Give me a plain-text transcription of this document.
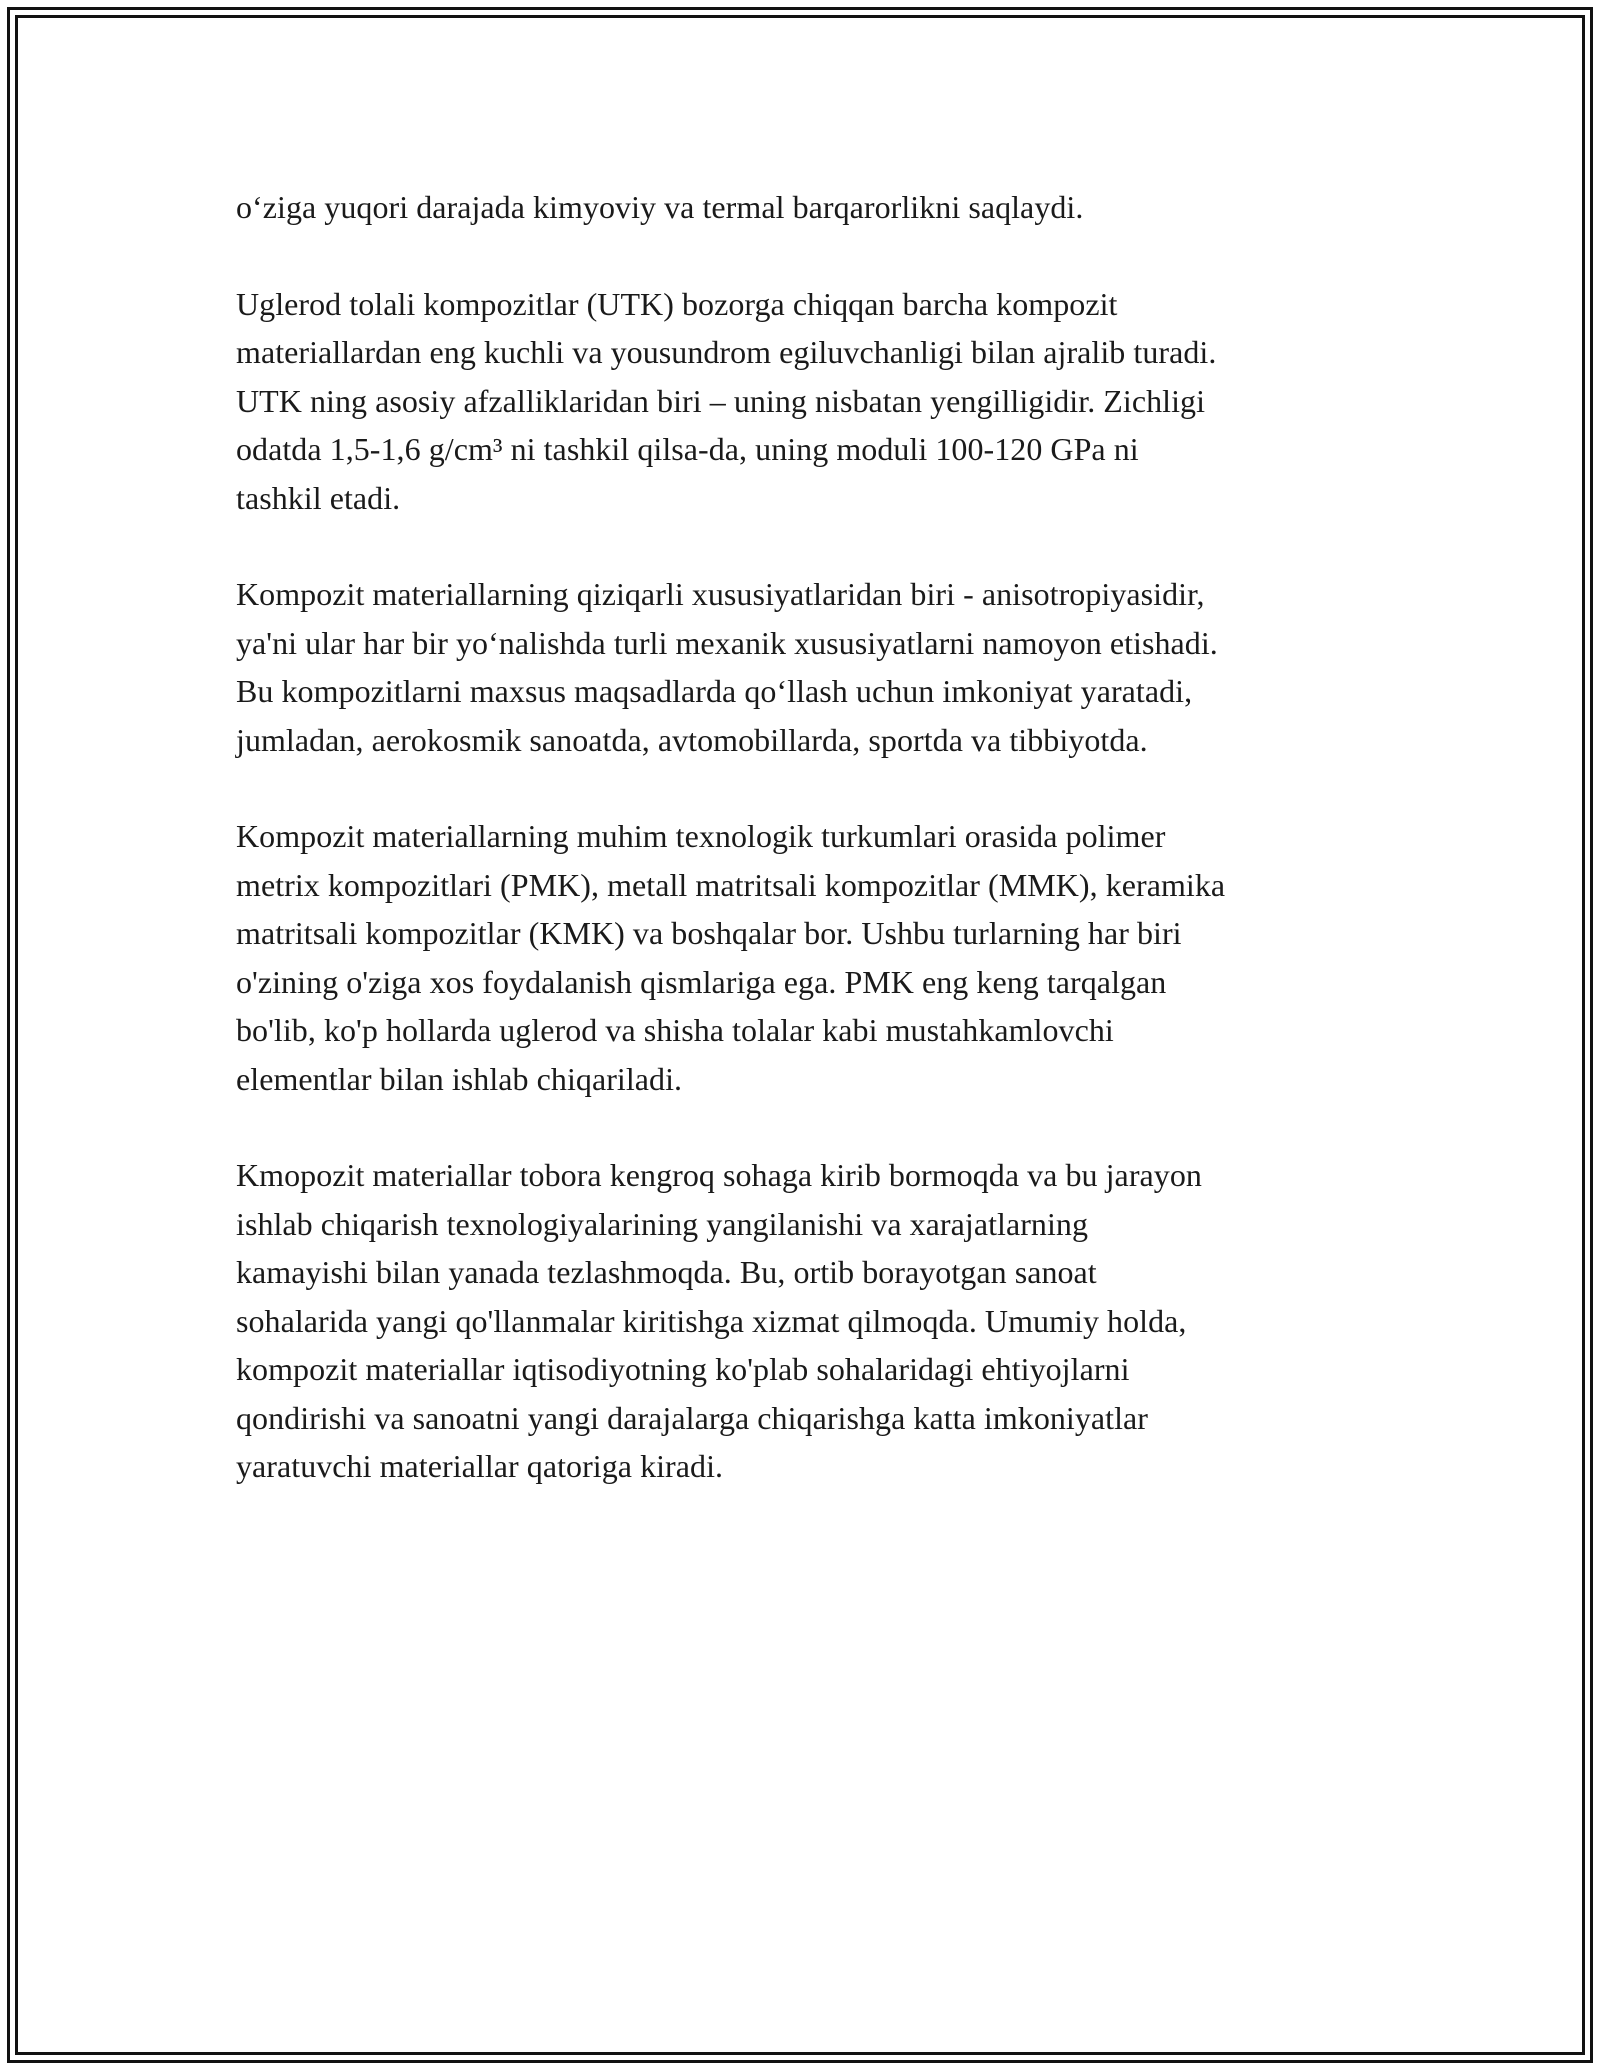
o‘ziga yuqori darajada kimyoviy va termal barqarorlikni saqlaydi.

Uglerod tolali kompozitlar (UTK) bozorga chiqqan barcha kompozit
materiallardan eng kuchli va yousundrom egiluvchanligi bilan ajralib turadi.
UTK ning asosiy afzalliklaridan biri – uning nisbatan yengilligidir. Zichligi
odatda 1,5-1,6 g/cm³ ni tashkil qilsa-da, uning moduli 100-120 GPa ni
tashkil etadi.

Kompozit materiallarning qiziqarli xususiyatlaridan biri - anisotropiyasidir,
ya'ni ular har bir yo‘nalishda turli mexanik xususiyatlarni namoyon etishadi.
Bu kompozitlarni maxsus maqsadlarda qo‘llash uchun imkoniyat yaratadi,
jumladan, aerokosmik sanoatda, avtomobillarda, sportda va tibbiyotda.

Kompozit materiallarning muhim texnologik turkumlari orasida polimer
metrix kompozitlari (PMK), metall matritsali kompozitlar (MMK), keramika
matritsali kompozitlar (KMK) va boshqalar bor. Ushbu turlarning har biri
o'zining o'ziga xos foydalanish qismlariga ega. PMK eng keng tarqalgan
bo'lib, ko'p hollarda uglerod va shisha tolalar kabi mustahkamlovchi
elementlar bilan ishlab chiqariladi.

Kmopozit materiallar tobora kengroq sohaga kirib bormoqda va bu jarayon
ishlab chiqarish texnologiyalarining yangilanishi va xarajatlarning
kamayishi bilan yanada tezlashmoqda. Bu, ortib borayotgan sanoat
sohalarida yangi qo'llanmalar kiritishga xizmat qilmoqda. Umumiy holda,
kompozit materiallar iqtisodiyotning ko'plab sohalaridagi ehtiyojlarni
qondirishi va sanoatni yangi darajalarga chiqarishga katta imkoniyatlar
yaratuvchi materiallar qatoriga kiradi.
